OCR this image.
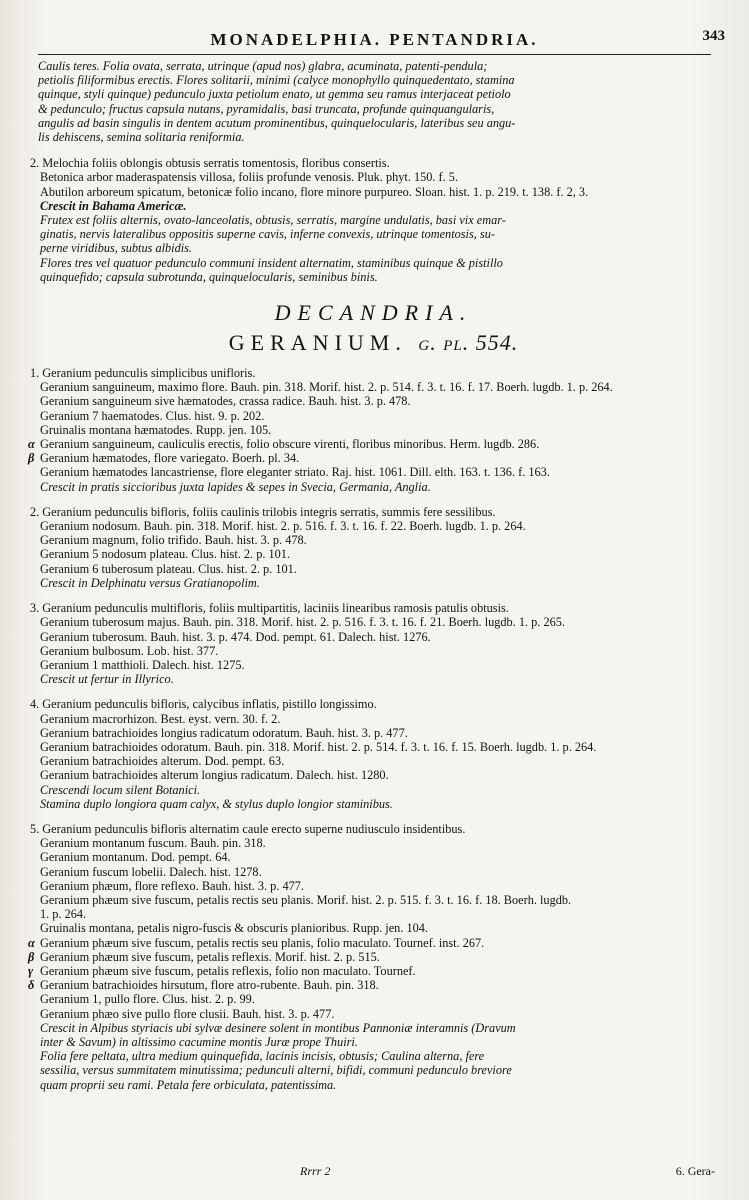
MONADELPHIA. PENTANDRIA.	343
Caulis teres. Folia ovata, serrata, utrinque (apud nos) glabra, acuminata, patenti-pendula;
petiolis filiformibus erectis. Flores solitarii, minimi (calyce monophyllo quinquedentato, stamina
quinque, styli quinque) pedunculo juxta petiolum enato, ut gemma seu ramus interjaceat petiolo
& pedunculo; fructus capsula nutans, pyramidalis, basi truncata, profunde quinquangularis,
angulis ad basin singulis in dentem acutum prominentibus, quinquelocularis, lateribus seu angu-
lis dehiscens, semina solitaria reniformia.
2. Melochia foliis oblongis obtusis serratis tomentosis, floribus consertis.
Betonica arbor maderaspatensis villosa, foliis profunde venosis. Pluk. phyt. 150. f. 5.
Abutilon arboreum spicatum, betonicæ folio incano, flore minore purpureo. Sloan. hist. 1. p. 219. t. 138. f. 2, 3.
Crescit in Bahama Americæ.
Frutex est foliis alternis, ovato-lanceolatis, obtusis, serratis, margine undulatis, basi vix emar-
ginatis, nervis lateralibus oppositis superne cavis, inferne convexis, utrinque tomentosis, su-
perne viridibus, subtus albidis.
Flores tres vel quatuor pedunculo communi insident alternatim, staminibus quinque & pistillo
quinquefido; capsula subrotunda, quinquelocularis, seminibus binis.
DECANDRIA.
GERANIUM. g. pl. 554.
1. Geranium pedunculis simplicibus unifloris.
Geranium sanguineum, maximo flore. Bauh. pin. 318. Morif. hist. 2. p. 514. f. 3. t. 16. f. 17. Boerh. lugdb. 1. p. 264.
Geranium sanguineum sive hæmatodes, crassa radice. Bauh. hist. 3. p. 478.
Geranium 7 haematodes. Clus. hist. 9. p. 202.
Gruinalis montana hæmatodes. Rupp. jen. 105.
α Geranium sanguineum, cauliculis erectis, folio obscure virenti, floribus minoribus. Herm. lugdb. 286.
β Geranium hæmatodes, flore variegato. Boerh. pl. 34.
Geranium hæmatodes lancastriense, flore eleganter striato. Raj. hist. 1061. Dill. elth. 163. t. 136. f. 163.
Crescit in pratis siccioribus juxta lapides & sepes in Svecia, Germania, Anglia.
2. Geranium pedunculis bifloris, foliis caulinis trilobis integris serratis, summis fere sessilibus.
Geranium nodosum. Bauh. pin. 318. Morif. hist. 2. p. 516. f. 3. t. 16. f. 22. Boerh. lugdb. 1. p. 264.
Geranium magnum, folio trifido. Bauh. hist. 3. p. 478.
Geranium 5 nodosum plateau. Clus. hist. 2. p. 101.
Geranium 6 tuberosum plateau. Clus. hist. 2. p. 101.
Crescit in Delphinatu versus Gratianopolim.
3. Geranium pedunculis multifloris, foliis multipartitis, laciniis linearibus ramosis patulis obtusis.
Geranium tuberosum majus. Bauh. pin. 318. Morif. hist. 2. p. 516. f. 3. t. 16. f. 21. Boerh. lugdb. 1. p. 265.
Geranium tuberosum. Bauh. hist. 3. p. 474. Dod. pempt. 61. Dalech. hist. 1276.
Geranium bulbosum. Lob. hist. 377.
Geranium 1 matthioli. Dalech. hist. 1275.
Crescit ut fertur in Illyrico.
4. Geranium pedunculis bifloris, calycibus inflatis, pistillo longissimo.
Geranium macrorhizon. Best. eyst. vern. 30. f. 2.
Geranium batrachioides longius radicatum odoratum. Bauh. hist. 3. p. 477.
Geranium batrachioides odoratum. Bauh. pin. 318. Morif. hist. 2. p. 514. f. 3. t. 16. f. 15. Boerh. lugdb. 1. p. 264.
Geranium batrachioides alterum. Dod. pempt. 63.
Geranium batrachioides alterum longius radicatum. Dalech. hist. 1280.
Crescendi locum silent Botanici.
Stamina duplo longiora quam calyx, & stylus duplo longior staminibus.
5. Geranium pedunculis bifloris alternatim caule erecto superne nudiusculo insidentibus.
Geranium montanum fuscum. Bauh. pin. 318.
Geranium montanum. Dod. pempt. 64.
Geranium fuscum lobelii. Dalech. hist. 1278.
Geranium phæum, flore reflexo. Bauh. hist. 3. p. 477.
Geranium phæum sive fuscum, petalis rectis seu planis. Morif. hist. 2. p. 515. f. 3. t. 16. f. 18. Boerh. lugdb.
1. p. 264.
Gruinalis montana, petalis nigro-fuscis & obscuris planioribus. Rupp. jen. 104.
α Geranium phæum sive fuscum, petalis rectis seu planis, folio maculato. Tournef. inst. 267.
β Geranium phæum sive fuscum, petalis reflexis. Morif. hist. 2. p. 515.
γ Geranium phæum sive fuscum, petalis reflexis, folio non maculato. Tournef.
δ Geranium batrachioides hirsutum, flore atro-rubente. Bauh. pin. 318.
Geranium 1, pullo flore. Clus. hist. 2. p. 99.
Geranium phæo sive pullo flore clusii. Bauh. hist. 3. p. 477.
Crescit in Alpibus styriacis ubi sylvæ desinere solent in montibus Pannoniæ interamnis (Dravum
inter & Savum) in altissimo cacumine montis Juræ prope Thuiri.
Folia fere peltata, ultra medium quinquefida, lacinis incisis, obtusis; Caulina alterna, fere
sessilia, versus summitatem minutissima; pedunculi alterni, bifidi, communi pedunculo breviore
quam proprii seu rami. Petala fere orbiculata, patentissima.
Rrrr 2	6. Gera-
